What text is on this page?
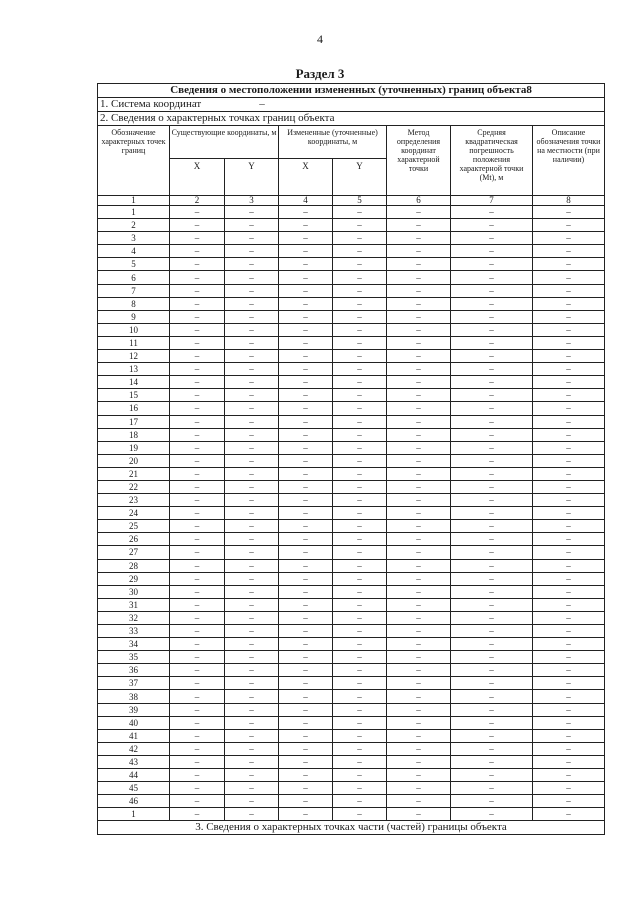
4
Раздел 3
Сведения о местоположении измененных (уточненных) границ объекта8							
1. Система координат –							
2. Сведения о характерных точках границ объекта							
Обозначение характерных точек границ	Существующие координаты, м		Измененные (уточненные) координаты, м		Метод определения координат характерной точки	Средняя квадратическая погрешность положения характерной точки (Mt), м	Описание обозначения точки на местности (при наличии)
	X	Y	X	Y			
1	2	3	4	5	6	7	8
1	–	–	–	–	–	–	–
2	–	–	–	–	–	–	–
3	–	–	–	–	–	–	–
4	–	–	–	–	–	–	–
5	–	–	–	–	–	–	–
6	–	–	–	–	–	–	–
7	–	–	–	–	–	–	–
8	–	–	–	–	–	–	–
9	–	–	–	–	–	–	–
10	–	–	–	–	–	–	–
11	–	–	–	–	–	–	–
12	–	–	–	–	–	–	–
13	–	–	–	–	–	–	–
14	–	–	–	–	–	–	–
15	–	–	–	–	–	–	–
16	–	–	–	–	–	–	–
17	–	–	–	–	–	–	–
18	–	–	–	–	–	–	–
19	–	–	–	–	–	–	–
20	–	–	–	–	–	–	–
21	–	–	–	–	–	–	–
22	–	–	–	–	–	–	–
23	–	–	–	–	–	–	–
24	–	–	–	–	–	–	–
25	–	–	–	–	–	–	–
26	–	–	–	–	–	–	–
27	–	–	–	–	–	–	–
28	–	–	–	–	–	–	–
29	–	–	–	–	–	–	–
30	–	–	–	–	–	–	–
31	–	–	–	–	–	–	–
32	–	–	–	–	–	–	–
33	–	–	–	–	–	–	–
34	–	–	–	–	–	–	–
35	–	–	–	–	–	–	–
36	–	–	–	–	–	–	–
37	–	–	–	–	–	–	–
38	–	–	–	–	–	–	–
39	–	–	–	–	–	–	–
40	–	–	–	–	–	–	–
41	–	–	–	–	–	–	–
42	–	–	–	–	–	–	–
43	–	–	–	–	–	–	–
44	–	–	–	–	–	–	–
45	–	–	–	–	–	–	–
46	–	–	–	–	–	–	–
1	–	–	–	–	–	–	–
3. Сведения о характерных точках части (частей) границы объекта							
